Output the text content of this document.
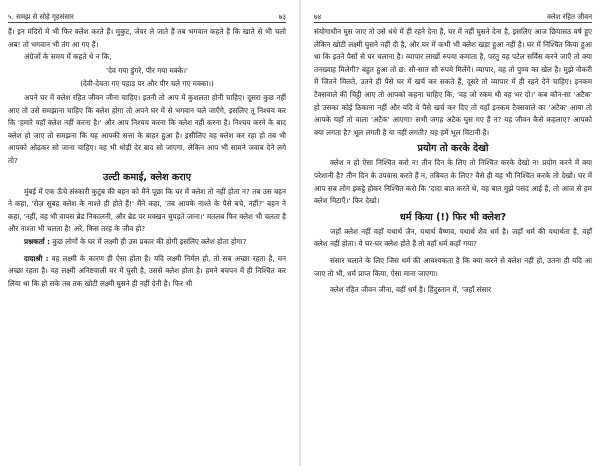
५. समझ से सोहे गृहसंसार	७३

हैं। इन मंदिरों में भी फिर क्लेश करते हैं। मुकुट, जेवर ले जाते हैं तब भगवान कहते हैं कि खाते से भी चलो अब! तो भगवान भी तंग आ गए हैं।

अंग्रेजों के समय में कहते थे न कि,

'देव गया डुंगरे, पीर गया मक्के।'

(देवी-देवता गए पहाड़ पर और पीर चले गए मक्का।)

अपने घर में क्लेश रहित जीवन जीना चाहिए। इतनी तो आप में कुशलता होनी चाहिए। दूसरा कुछ नहीं आए तो उसे समझाना चाहिए कि क्लेश होगा तो अपने घर में से भगवान चले जाएँगे, इसलिए तू निश्चय कर कि 'हमारे यहाँ क्लेश नहीं करना है।' और आप निश्चय करना कि क्लेश नहीं करना है। निश्चय करने के बाद क्लेश हो जाए तो समझना कि यह आपकी सत्ता के बाहर हुआ है। इसीलिए वह क्लेश कर रहा हो तब भी आपको ओढ़कर सो जाना चाहिए। वह भी थोड़ी देर बाद सो जाएगा, लेकिन आप भी सामने जवाब देने लगे तो?

उल्टी कमाई, क्लेश कराए

मुंबई में एक ऊँचे संस्कारी कुटुंब की बहन को मैंने पूछा कि घर में क्लेश तो नहीं होता न? तब उस बहन ने कहा, 'रोज़ सुबह क्लेश के नाश्ते ही होते हैं!' मैंने कहा, 'तब आपके नाश्ते के पैसे बचे, नहीं?' बहन ने कहा, 'नहीं, वह भी वापस ब्रेड निकालनी, और ब्रेड पर मक्खन चुपड़ते जाना।' मतलब फिर क्लेश भी चलता है और नाश्ता भी चलता है! अरे, किस तरह के जीव हो?

प्रश्नकर्ता : कुछ लोगों के घर में लक्ष्मी ही उस प्रकार की होगी इसलिए क्लेश होता होगा?

दादाश्री : वह लक्ष्मी के कारण ही ऐसा होता है। यदि लक्ष्मी निर्मल हो, तो सब अच्छा रहता है, मन अच्छा रहता है। यह लक्ष्मी अनिष्टवाली घर में घुसी है, उससे क्लेश होता है। हमने बचपन में ही निश्चित कर लिया था कि हो सके तब तक खोटी लक्ष्मी घुसने ही नहीं देनी है। फिर भी

७४	क्लेश रहित जीवन

संयोगाधीन घुस जाए तो उसे धंधे में ही रहने देना है, घर में नहीं घुसने देना है, इसलिए आज छियासठ वर्ष हुए लेकिन खोटी लक्ष्मी घुसने नहीं दी है, और घर में कभी भी क्लेश खड़ा हुआ नहीं है। घर में निश्चित किया हुआ था कि इतने पैसों से घर चलाना है। व्यापार लाखों रुपया कमाता है, परंतु यह पटेल सर्विस करने जाएँ तो क्या तनख्वाह मिलेगी? बहुत हुआ तो छ: सौ-सात सौ रुपये मिलेंगे। व्यापार, वह तो पुण्य का खेल है। मुझे नौकरी में जितने मिलते, उतने ही पैसे घर में खर्च कर सकते हैं, दूसरे तो व्यापार में ही रहने देने चाहिए। इनकम टैक्सवाले की चिट्ठी आए तो आपको कहना चाहिए कि, 'वह जो रकम थी वह भर दो।' कब कौन-सा 'अटैक' हो उसका कोई ठिकाना नहीं और यदि वे पैसे खर्च कर दिए तो यहाँ इनकम टैक्सवाले का 'अटैक' आया तो आपके यहाँ तो वाला 'अटैक' आएगा! सभी जगह अटैक घुस गए हैं न? यह जीवन कैसे कहलाए? आपको क्या लगता है? भूल लगती है या नहीं लगती? यह हमें भूल मिटानी है।

प्रयोग तो करके देखो

क्लेश न हो ऐसा निश्चित करो न! तीन दिन के लिए तो निश्चित करके देखो न! प्रयोग करने में क्या परेशानी है? तीन दिन के उपवास करते हैं न, तबियत के लिए? वैसे ही यह भी निश्चित करके तो देखो। घर में आप सब लोग इकट्ठे होकर निश्चित करो कि 'दादा बात करते थे, वह बात मुझे पसंद आई है, तो आज से हम क्लेश मिटाएँ।' फिर देखो।

धर्म किया (!) फिर भी क्लेश?

जहाँ क्लेश नहीं वहाँ यथार्थ जैन, यथार्थ वैष्णव, यथार्थ शैव धर्म है। जहाँ धर्म की यथार्थता है, वहाँ क्लेश नहीं होता। ये घर-घर क्लेश होते हैं तो वहाँ धर्म कहाँ गया?

संसार चलाने के लिए जिस धर्म की आवश्यकता है कि क्या करने से क्लेश नहीं हो, उतना ही यदि आ जाए तो भी, धर्म प्राप्त किया, ऐसा माना जाएगा।

क्लेश रहित जीवन जीना, वहीं धर्म है। हिंदुस्तान में, 'जहाँ संसार
